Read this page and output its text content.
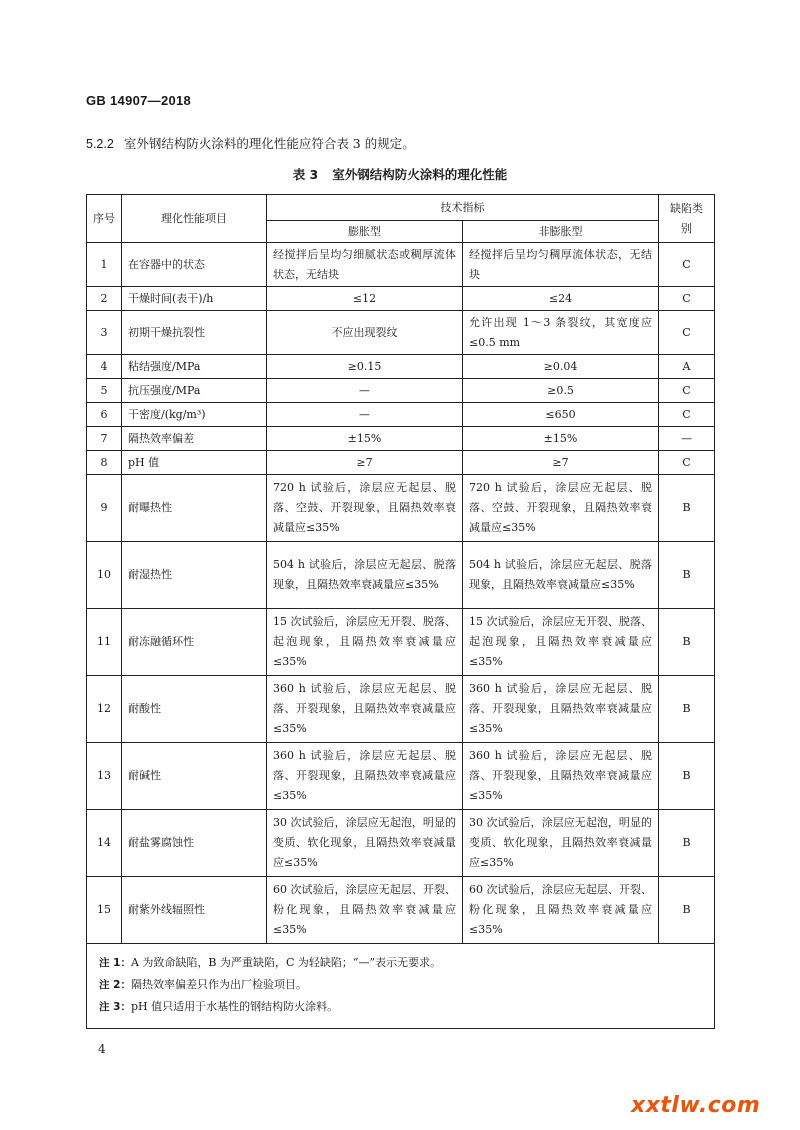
GB 14907—2018
5.2.2 室外钢结构防火涂料的理化性能应符合表 3 的规定。
表 3 室外钢结构防火涂料的理化性能
序号	理化性能项目	技术指标		缺陷类别
		膨胀型	非膨胀型	
1	在容器中的状态	经搅拌后呈均匀细腻状态或稠厚流体状态，无结块	经搅拌后呈均匀稠厚流体状态，无结块	C
2	干燥时间(表干)/h	≤12	≤24	C
3	初期干燥抗裂性	不应出现裂纹	允许出现 1～3 条裂纹，其宽度应≤0.5 mm	C
4	粘结强度/MPa	≥0.15	≥0.04	A
5	抗压强度/MPa	—	≥0.5	C
6	干密度/(kg/m³)	—	≤650	C
7	隔热效率偏差	±15%	±15%	—
8	pH 值	≥7	≥7	C
9	耐曝热性	720 h 试验后，涂层应无起层、脱落、空鼓、开裂现象，且隔热效率衰减量应≤35%	720 h 试验后，涂层应无起层、脱落、空鼓、开裂现象，且隔热效率衰减量应≤35%	B
10	耐湿热性	504 h 试验后，涂层应无起层、脱落现象，且隔热效率衰减量应≤35%	504 h 试验后，涂层应无起层、脱落现象，且隔热效率衰减量应≤35%	B
11	耐冻融循环性	15 次试验后，涂层应无开裂、脱落、起泡现象，且隔热效率衰减量应≤35%	15 次试验后，涂层应无开裂、脱落、起泡现象，且隔热效率衰减量应≤35%	B
12	耐酸性	360 h 试验后，涂层应无起层、脱落、开裂现象，且隔热效率衰减量应≤35%	360 h 试验后，涂层应无起层、脱落、开裂现象，且隔热效率衰减量应≤35%	B
13	耐碱性	360 h 试验后，涂层应无起层、脱落、开裂现象，且隔热效率衰减量应≤35%	360 h 试验后，涂层应无起层、脱落、开裂现象，且隔热效率衰减量应≤35%	B
14	耐盐雾腐蚀性	30 次试验后，涂层应无起泡，明显的变质、软化现象，且隔热效率衰减量应≤35%	30 次试验后，涂层应无起泡，明显的变质、软化现象，且隔热效率衰减量应≤35%	B
15	耐紫外线辐照性	60 次试验后，涂层应无起层、开裂、粉化现象，且隔热效率衰减量应≤35%	60 次试验后，涂层应无起层、开裂、粉化现象，且隔热效率衰减量应≤35%	B

注 1：A 为致命缺陷，B 为严重缺陷，C 为轻缺陷；“—”表示无要求。
注 2：隔热效率偏差只作为出厂检验项目。
注 3：pH 值只适用于水基性的钢结构防火涂料。				
4
xxtlw.com
